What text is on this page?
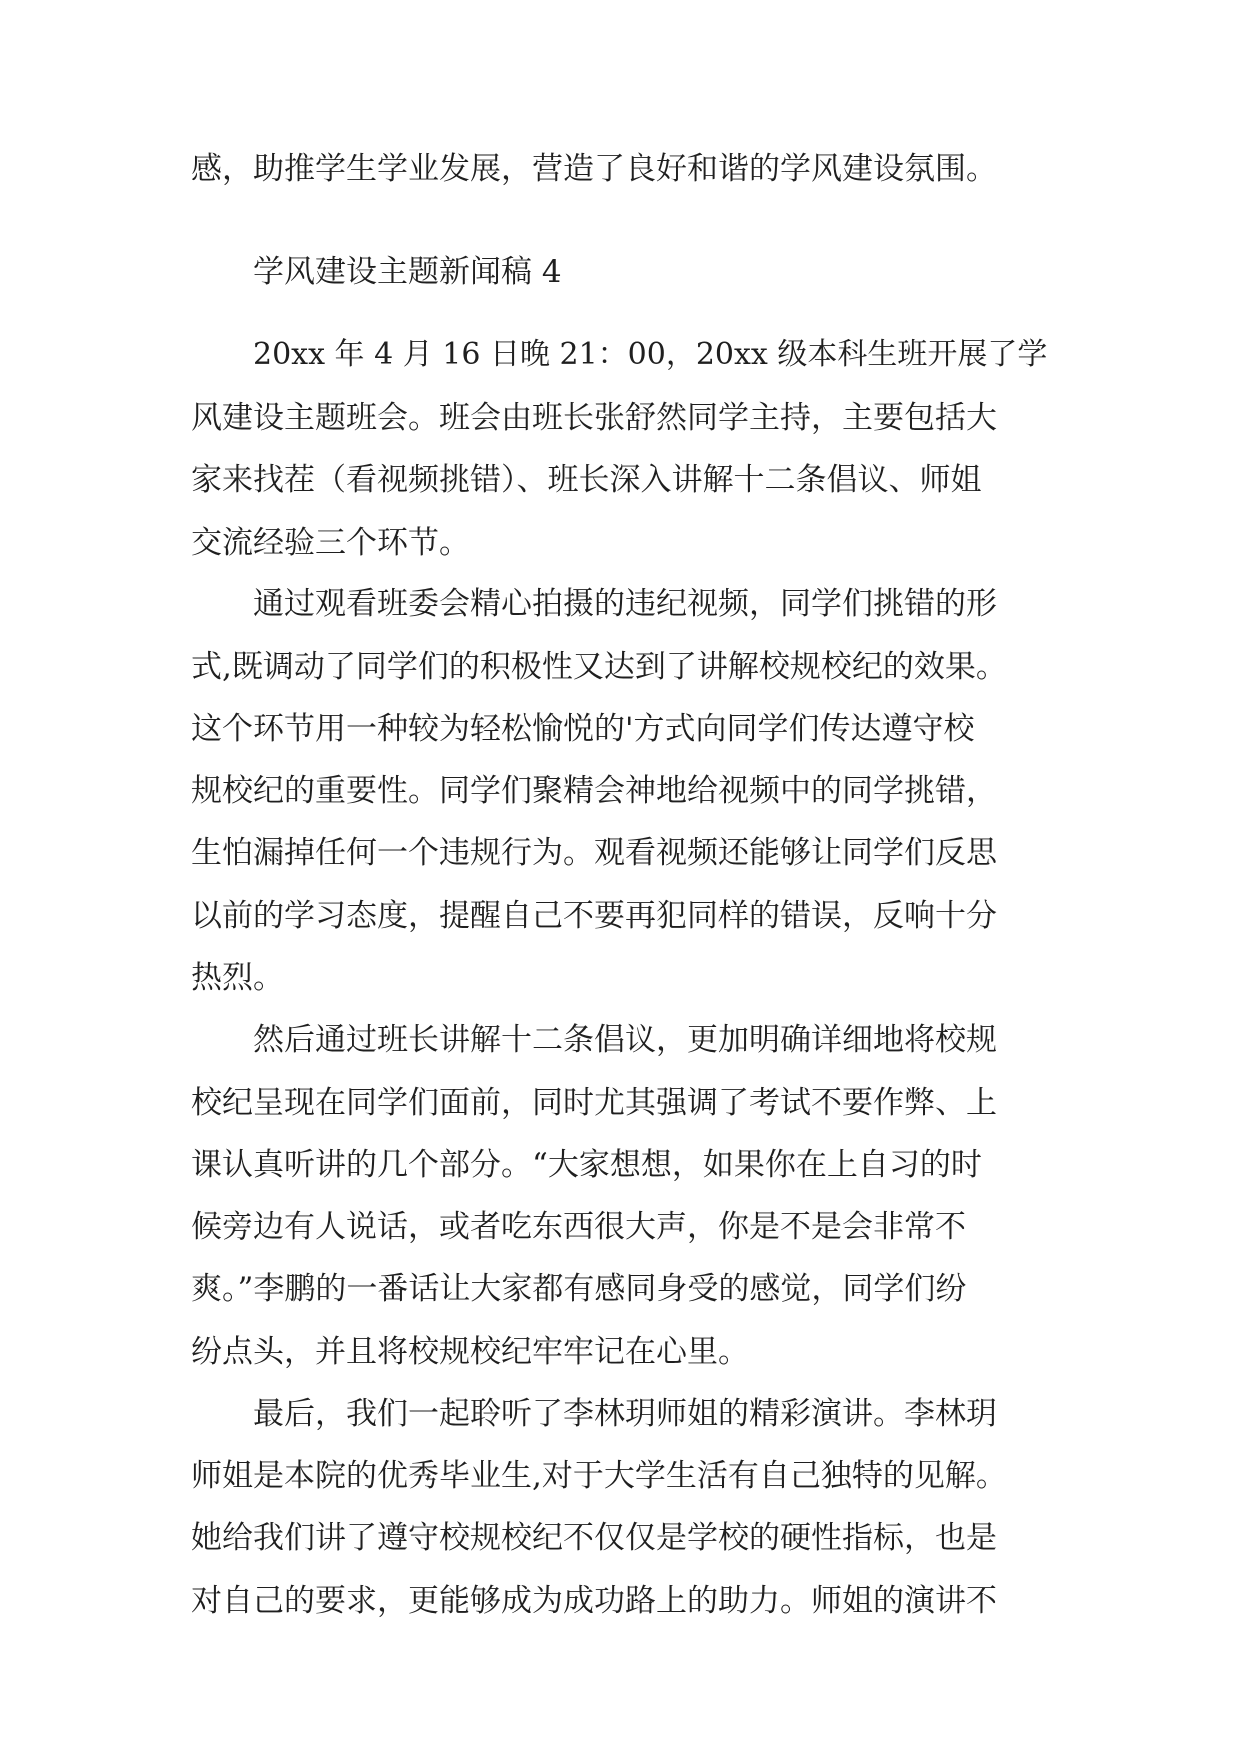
感，助推学生学业发展，营造了良好和谐的学风建设氛围。

学风建设主题新闻稿 4

20xx 年 4 月 16 日晚 21：00，20xx 级本科生班开展了学

风建设主题班会。班会由班长张舒然同学主持，主要包括大

家来找茬（看视频挑错）、班长深入讲解十二条倡议、师姐

交流经验三个环节。

通过观看班委会精心拍摄的违纪视频，同学们挑错的形

式,既调动了同学们的积极性又达到了讲解校规校纪的效果。

这个环节用一种较为轻松愉悦的'方式向同学们传达遵守校

规校纪的重要性。同学们聚精会神地给视频中的同学挑错，

生怕漏掉任何一个违规行为。观看视频还能够让同学们反思

以前的学习态度，提醒自己不要再犯同样的错误，反响十分

热烈。

然后通过班长讲解十二条倡议，更加明确详细地将校规

校纪呈现在同学们面前，同时尤其强调了考试不要作弊、上

课认真听讲的几个部分。“大家想想，如果你在上自习的时

候旁边有人说话，或者吃东西很大声，你是不是会非常不

爽。”李鹏的一番话让大家都有感同身受的感觉，同学们纷

纷点头，并且将校规校纪牢牢记在心里。

最后，我们一起聆听了李林玥师姐的精彩演讲。李林玥

师姐是本院的优秀毕业生,对于大学生活有自己独特的见解。

她给我们讲了遵守校规校纪不仅仅是学校的硬性指标，也是

对自己的要求，更能够成为成功路上的助力。师姐的演讲不
